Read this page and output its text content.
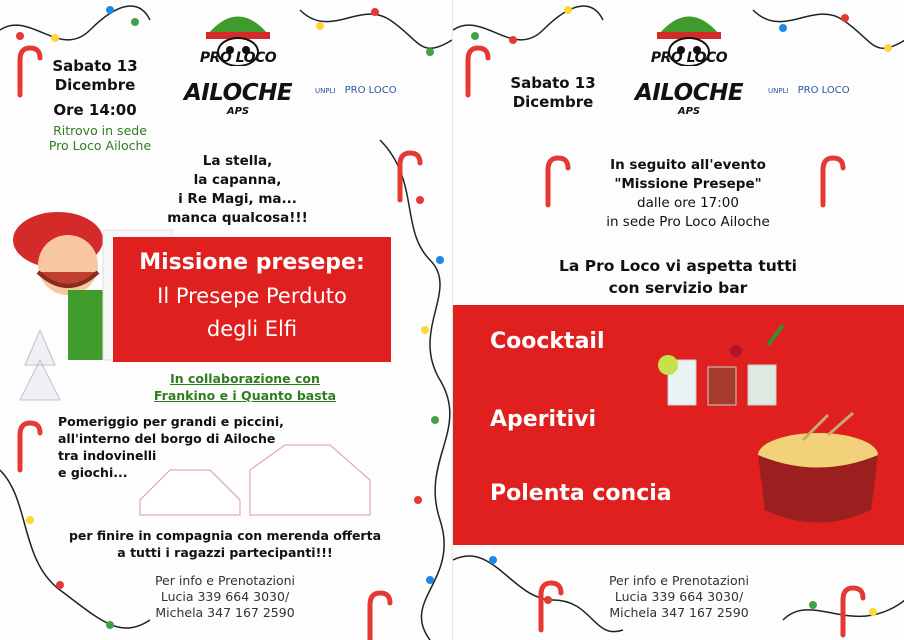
Sabato 13
Dicembre
Ore 14:00
Ritrovo in sede
Pro Loco Ailoche
PRO LOCO
AILOCHE
APS
UNPLI PRO LOCO
La stella,
la capanna,
i Re Magi, ma...
manca qualcosa!!!
Missione presepe:
Il Presepe Perduto
degli Elfi
In collaborazione con
Frankino e i Quanto basta
Pomeriggio per grandi e piccini,
all'interno del borgo di Ailoche
tra indovinelli
e giochi...
per finire in compagnia con merenda offerta
a tutti i ragazzi partecipanti!!!
Per info e Prenotazioni
Lucia 339 664 3030/
Michela 347 167 2590
Sabato 13
Dicembre
PRO LOCO
AILOCHE
APS
UNPLI PRO LOCO
In seguito all'evento
"Missione Presepe"
dalle ore 17:00
in sede Pro Loco Ailoche
La Pro Loco vi aspetta tutti
con servizio bar
Coocktail
Aperitivi
Polenta concia
Per info e Prenotazioni
Lucia 339 664 3030/
Michela 347 167 2590
